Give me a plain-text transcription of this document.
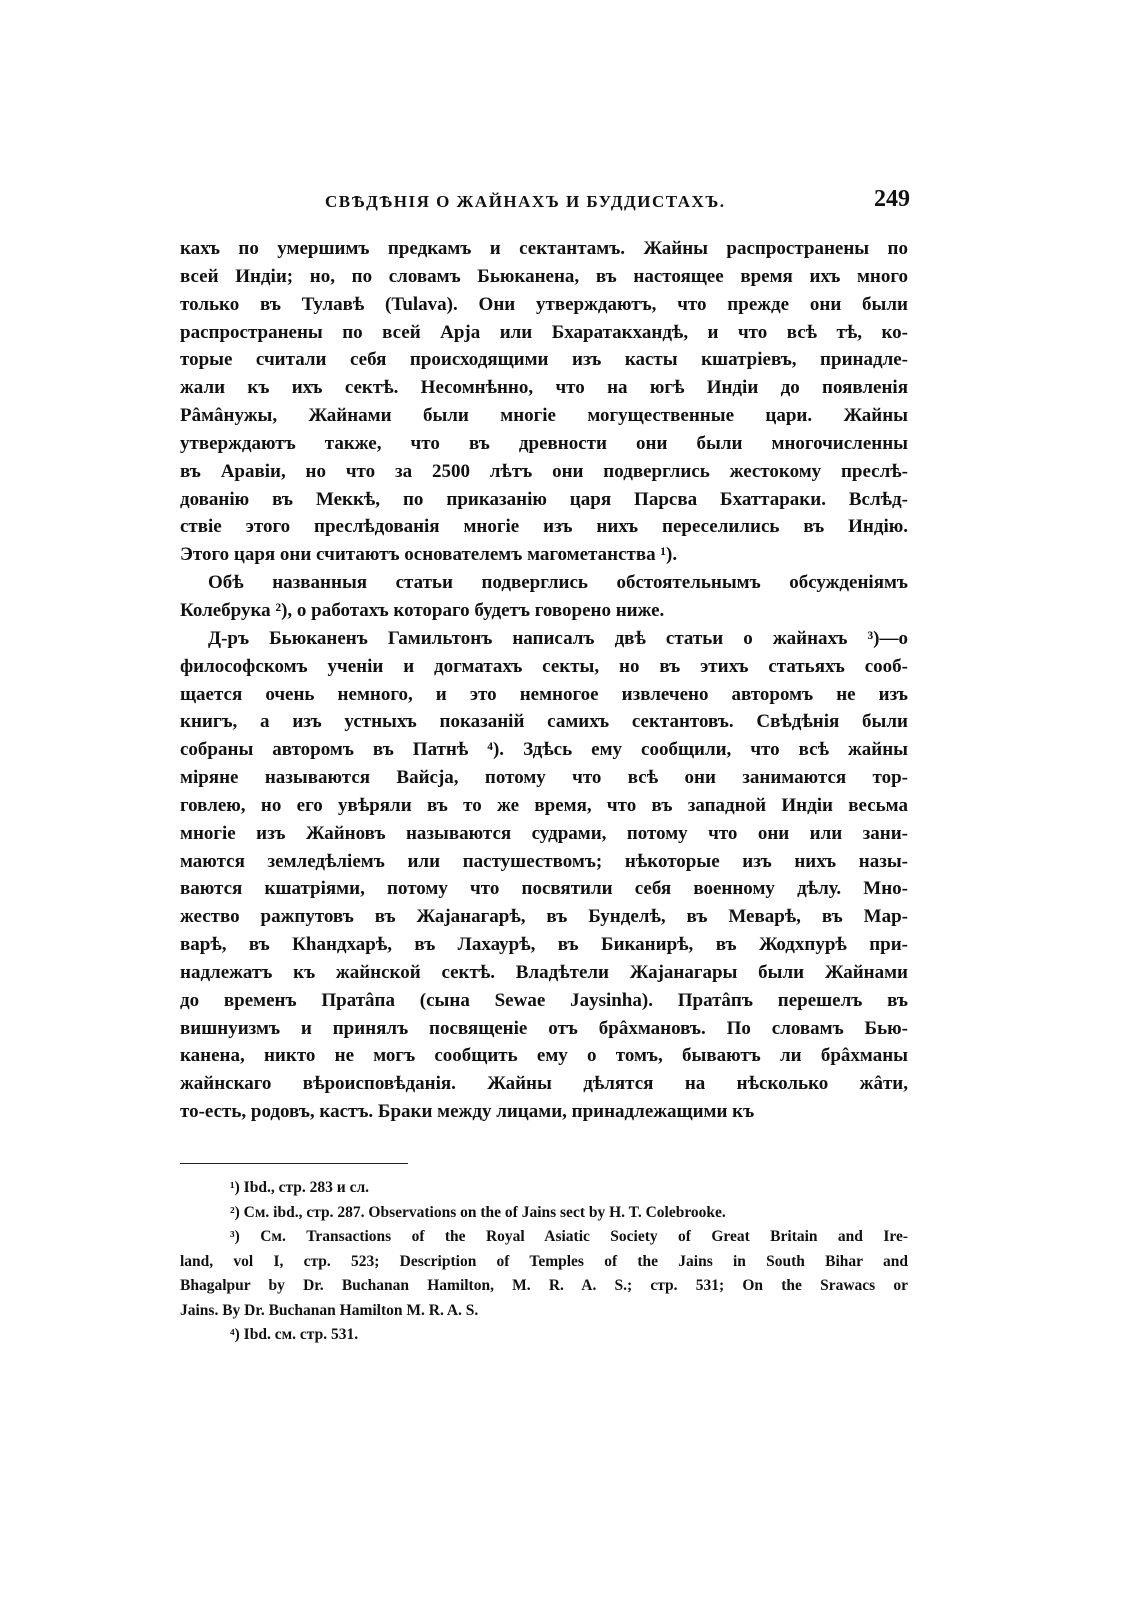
СВѢДѢНІЯ О ЖАЙНАХЪ И БУДДИСТАХЪ.	249

кахъ по умершимъ предкамъ и сектантамъ. Жайны распространены по
всей Индіи; но, по словамъ Бьюканена, въ настоящее время ихъ много
только въ Тулавѣ (Tulava). Они утверждаютъ, что прежде они были
распространены по всей Арја или Бхаратакхандѣ, и что всѣ тѣ, ко-
торые считали себя происходящими изъ касты кшатріевъ, принадле-
жали къ ихъ сектѣ. Несомнѣнно, что на югѣ Индіи до появленія
Рâмâнужы, Жайнами были многіе могущественные цари. Жайны
утверждаютъ также, что въ древности они были многочисленны
въ Аравіи, но что за 2500 лѣтъ они подверглись жестокому преслѣ-
дованію въ Меккѣ, по приказанію царя Парсва Бхаттараки. Вслѣд-
ствіе этого преслѣдованія многіе изъ нихъ переселились въ Индію.
Этого царя они считаютъ основателемъ магометанства ¹).

Обѣ названныя статьи подверглись обстоятельнымъ обсужденіямъ
Колебрука ²), о работахъ котораго будетъ говорено ниже.

Д-ръ Бьюканенъ Гамильтонъ написалъ двѣ статьи о жайнахъ ³)—о
философскомъ ученіи и догматахъ секты, но въ этихъ статьяхъ сооб-
щается очень немного, и это немногое извлечено авторомъ не изъ
книгъ, а изъ устныхъ показаній самихъ сектантовъ. Свѣдѣнія были
собраны авторомъ въ Патнѣ ⁴). Здѣсь ему сообщили, что всѣ жайны
міряне называются Вайсја, потому что всѣ они занимаются тор-
говлею, но его увѣряли въ то же время, что въ западной Индіи весьма
многіе изъ Жайновъ называются судрами, потому что они или зани-
маются земледѣліемъ или пастушествомъ; нѣкоторые изъ нихъ назы-
ваются кшатріями, потому что посвятили себя военному дѣлу. Мно-
жество ражпутовъ въ Жајанагарѣ, въ Бунделѣ, въ Меварѣ, въ Мар-
варѣ, въ Кhандхарѣ, въ Лахаурѣ, въ Биканирѣ, въ Жодхпурѣ при-
надлежатъ къ жайнской сектѣ. Владѣтели Жајанагары были Жайнами
до временъ Пратâпа (сына Sewae Jaysinha). Пратâпъ перешелъ въ
вишнуизмъ и принялъ посвященіе отъ брâхмановъ. По словамъ Бью-
канена, никто не могъ сообщить ему о томъ, бываютъ ли брâхманы
жайнскаго вѣроисповѣданія. Жайны дѣлятся на нѣсколько жâти,
то-есть, родовъ, кастъ. Браки между лицами, принадлежащими къ

¹) Ibd., стр. 283 и сл.
²) См. ibd., стр. 287. Observations on the of Jains sect by H. T. Colebrooke.
³) См. Transactions of the Royal Asiatic Society of Great Britain and Ire-
land, vol I, стр. 523; Description of Temples of the Jains in South Bihar and
Bhagalpur by Dr. Buchanan Hamilton, M. R. A. S.; стр. 531; On the Srawacs or
Jains. By Dr. Buchanan Hamilton M. R. A. S.
⁴) Ibd. см. стр. 531.
